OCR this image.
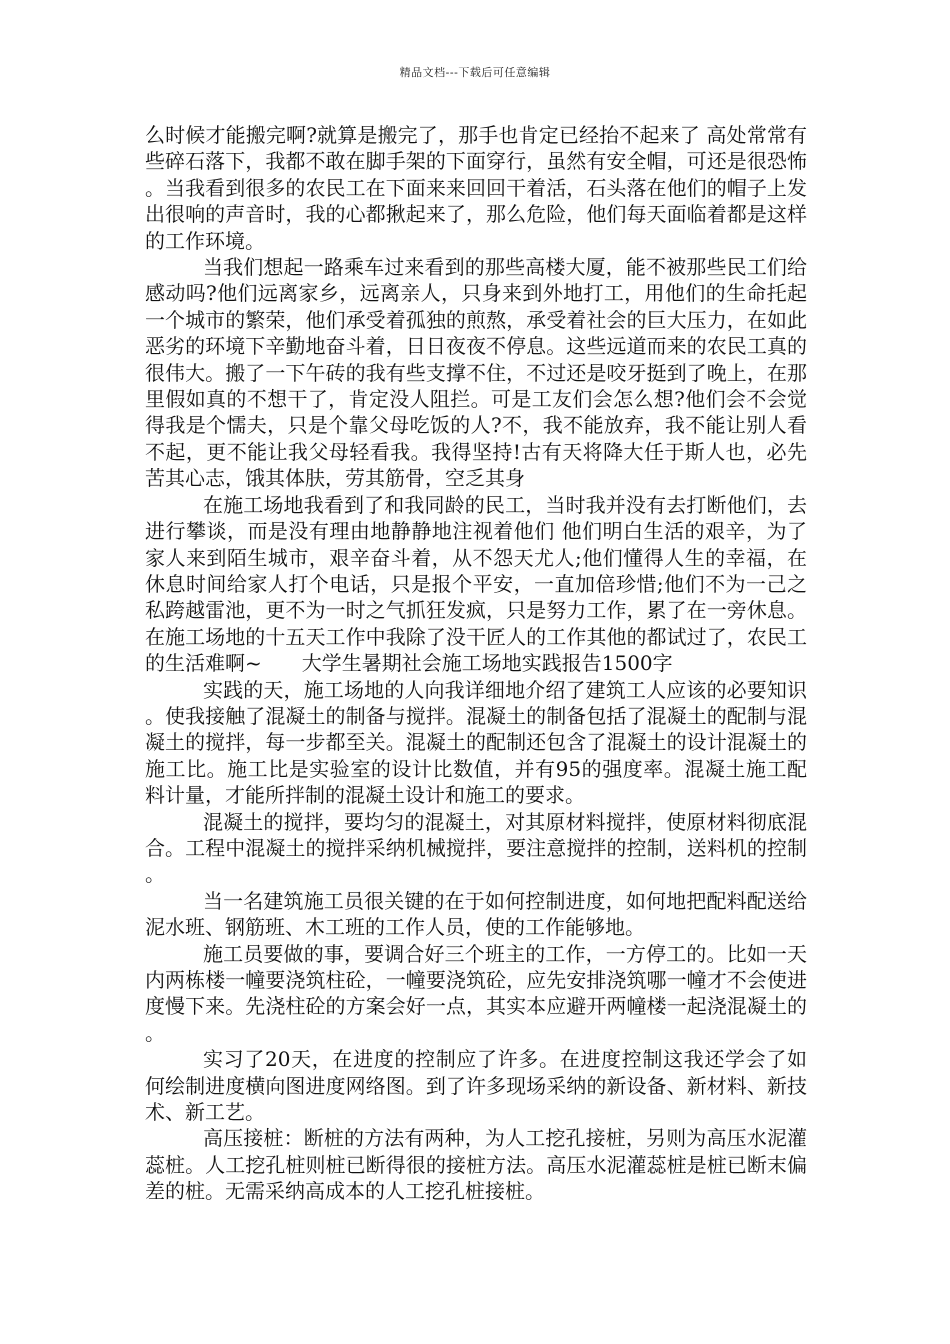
精品文档---下载后可任意编辑

么时候才能搬完啊?就算是搬完了，那手也肯定已经抬不起来了 高处常常有些碎石落下，我都不敢在脚手架的下面穿行，虽然有安全帽，可还是很恐怖。当我看到很多的农民工在下面来来回回干着活，石头落在他们的帽子上发出很响的声音时，我的心都揪起来了，那么危险，他们每天面临着都是这样的工作环境。

当我们想起一路乘车过来看到的那些高楼大厦，能不被那些民工们给感动吗?他们远离家乡，远离亲人，只身来到外地打工，用他们的生命托起一个城市的繁荣，他们承受着孤独的煎熬，承受着社会的巨大压力，在如此恶劣的环境下辛勤地奋斗着，日日夜夜不停息。这些远道而来的农民工真的很伟大。搬了一下午砖的我有些支撑不住，不过还是咬牙挺到了晚上，在那里假如真的不想干了，肯定没人阻拦。可是工友们会怎么想?他们会不会觉得我是个懦夫，只是个靠父母吃饭的人?不，我不能放弃，我不能让别人看不起，更不能让我父母轻看我。我得坚持!古有天将降大任于斯人也，必先苦其心志，饿其体肤，劳其筋骨，空乏其身

在施工场地我看到了和我同龄的民工，当时我并没有去打断他们，去进行攀谈，而是没有理由地静静地注视着他们 他们明白生活的艰辛，为了家人来到陌生城市，艰辛奋斗着，从不怨天尤人;他们懂得人生的幸福，在休息时间给家人打个电话，只是报个平安，一直加倍珍惜;他们不为一己之私跨越雷池，更不为一时之气抓狂发疯，只是努力工作，累了在一旁休息。在施工场地的十五天工作中我除了没干匠人的工作其他的都试过了，农民工的生活难啊~　　大学生暑期社会施工场地实践报告1500字

实践的天，施工场地的人向我详细地介绍了建筑工人应该的必要知识。使我接触了混凝土的制备与搅拌。混凝土的制备包括了混凝土的配制与混凝土的搅拌，每一步都至关。混凝土的配制还包含了混凝土的设计混凝土的施工比。施工比是实验室的设计比数值，并有95的强度率。混凝土施工配料计量，才能所拌制的混凝土设计和施工的要求。

混凝土的搅拌，要均匀的混凝土，对其原材料搅拌，使原材料彻底混合。工程中混凝土的搅拌采纳机械搅拌，要注意搅拌的控制，送料机的控制。

当一名建筑施工员很关键的在于如何控制进度，如何地把配料配送给泥水班、钢筋班、木工班的工作人员，使的工作能够地。

施工员要做的事，要调合好三个班主的工作，一方停工的。比如一天内两栋楼一幢要浇筑柱砼，一幢要浇筑砼，应先安排浇筑哪一幢才不会使进度慢下来。先浇柱砼的方案会好一点，其实本应避开两幢楼一起浇混凝土的。

实习了20天，在进度的控制应了许多。在进度控制这我还学会了如何绘制进度横向图进度网络图。到了许多现场采纳的新设备、新材料、新技术、新工艺。

高压接桩：断桩的方法有两种，为人工挖孔接桩，另则为高压水泥灌蕊桩。人工挖孔桩则桩已断得很的接桩方法。高压水泥灌蕊桩是桩已断末偏差的桩。无需采纳高成本的人工挖孔桩接桩。
